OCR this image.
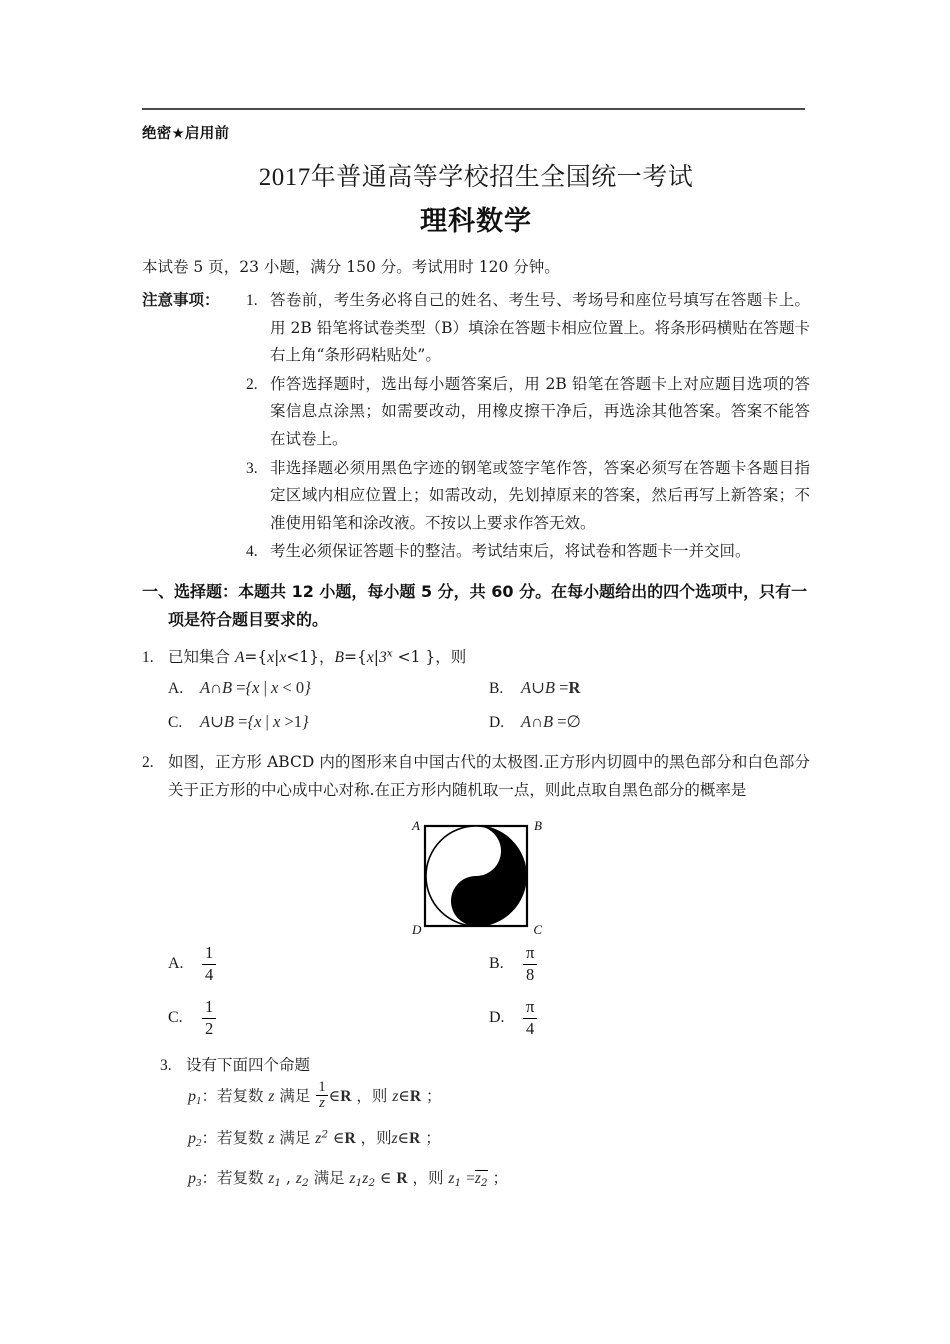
绝密★启用前
2017年普通高等学校招生全国统一考试
理科数学
本试卷 5 页，23 小题，满分 150 分。考试用时 120 分钟。
注意事项： 1. 答卷前，考生务必将自己的姓名、考生号、考场号和座位号填写在答题卡上。用 2B 铅笔将试卷类型（B）填涂在答题卡相应位置上。将条形码横贴在答题卡右上角“条形码粘贴处”。
2. 作答选择题时，选出每小题答案后，用 2B 铅笔在答题卡上对应题目选项的答案信息点涂黑；如需要改动，用橡皮擦干净后，再选涂其他答案。答案不能答在试卷上。
3. 非选择题必须用黑色字迹的钢笔或签字笔作答，答案必须写在答题卡各题目指定区域内相应位置上；如需改动，先划掉原来的答案，然后再写上新答案；不准使用铅笔和涂改液。不按以上要求作答无效。
4. 考生必须保证答题卡的整洁。考试结束后，将试卷和答题卡一并交回。
一、选择题：本题共 12 小题，每小题 5 分，共 60 分。在每小题给出的四个选项中，只有一项是符合题目要求的。
1. 已知集合 A={x|x<1}，$B=\{x|3^x <1$ }，则
A.	A∩B ={x | x < 0}	B.	A∪B =R
C.	A∪B ={x | x >1}	D.	A∩B =∅
2. 如图，正方形 ABCD 内的图形来自中国古代的太极图.正方形内切圆中的黑色部分和白色部分关于正方形的中心成中心对称.在正方形内随机取一点，则此点取自黑色部分的概率是
A	B
D	C
A.	$\frac{1}{4}$	B.	$\frac{\pi}{8}$
C.	$\frac{1}{2}$	D.	$\frac{\pi}{4}$
3. 设有下面四个命题
$p_1$：若复数 z 满足 $\frac{1}{z}$ ∈R ，则 z∈R ；
$p_2$：若复数 z 满足 $z^2$ ∈R ，则z∈R ；
$p_3$：若复数 $z_1$ , $z_2$ 满足 $z_1z_2$ ∈ R ，则 $z_1 =z_2$ ；
